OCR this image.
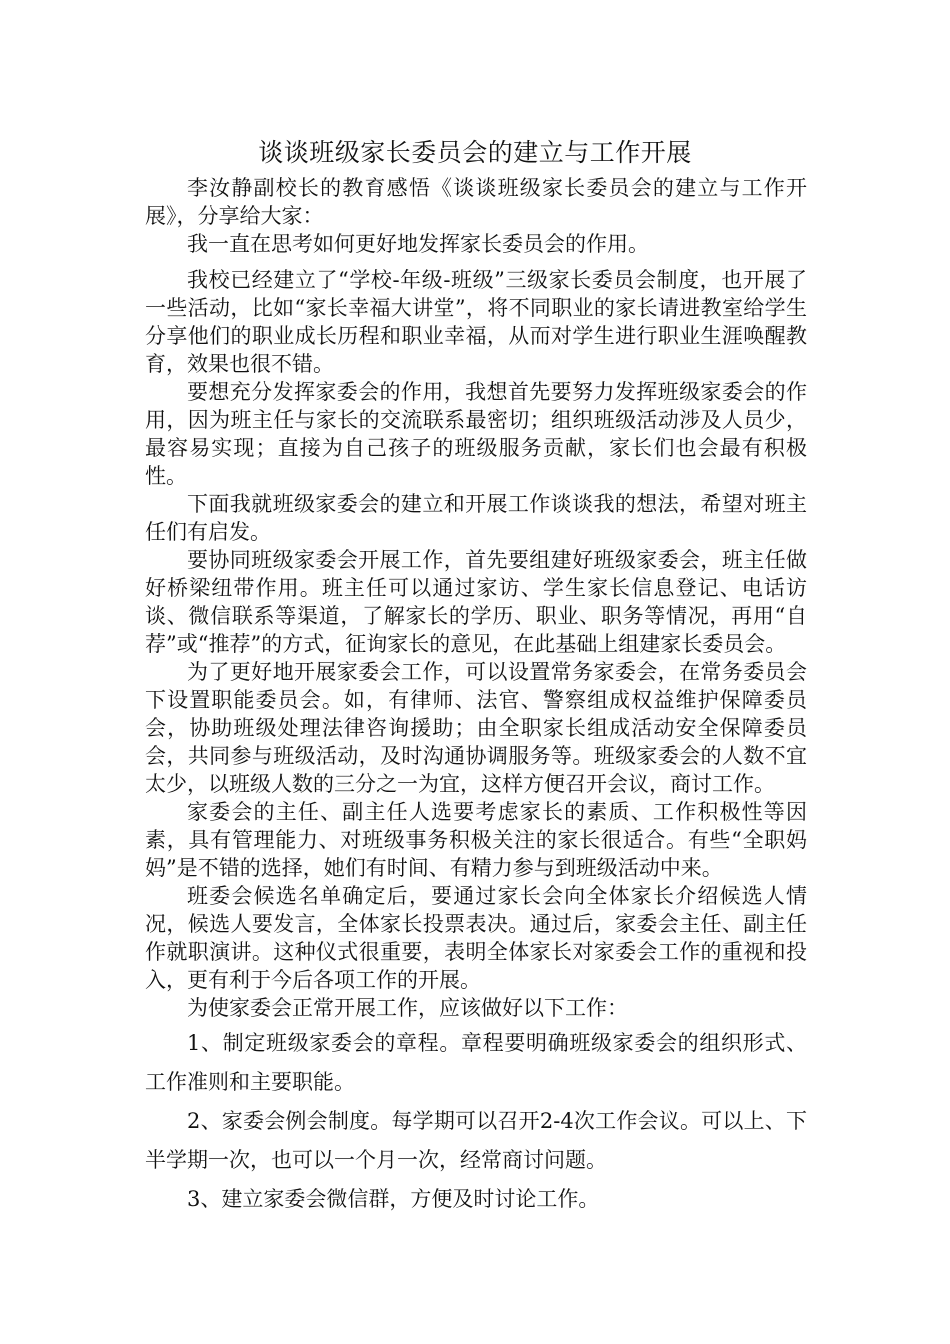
谈谈班级家长委员会的建立与工作开展

李汝静副校长的教育感悟《谈谈班级家长委员会的建立与工作开展》，分享给大家：

我一直在思考如何更好地发挥家长委员会的作用。

我校已经建立了“学校-年级-班级”三级家长委员会制度，也开展了一些活动，比如“家长幸福大讲堂”，将不同职业的家长请进教室给学生分享他们的职业成长历程和职业幸福，从而对学生进行职业生涯唤醒教育，效果也很不错。

要想充分发挥家委会的作用，我想首先要努力发挥班级家委会的作用，因为班主任与家长的交流联系最密切；组织班级活动涉及人员少，最容易实现；直接为自己孩子的班级服务贡献，家长们也会最有积极性。

下面我就班级家委会的建立和开展工作谈谈我的想法，希望对班主任们有启发。

要协同班级家委会开展工作，首先要组建好班级家委会，班主任做好桥梁纽带作用。班主任可以通过家访、学生家长信息登记、电话访谈、微信联系等渠道，了解家长的学历、职业、职务等情况，再用“自荐”或“推荐”的方式，征询家长的意见，在此基础上组建家长委员会。

为了更好地开展家委会工作，可以设置常务家委会，在常务委员会下设置职能委员会。如，有律师、法官、警察组成权益维护保障委员会，协助班级处理法律咨询援助；由全职家长组成活动安全保障委员会，共同参与班级活动，及时沟通协调服务等。班级家委会的人数不宜太少，以班级人数的三分之一为宜，这样方便召开会议，商讨工作。

家委会的主任、副主任人选要考虑家长的素质、工作积极性等因素，具有管理能力、对班级事务积极关注的家长很适合。有些“全职妈妈”是不错的选择，她们有时间、有精力参与到班级活动中来。

班委会候选名单确定后，要通过家长会向全体家长介绍候选人情况，候选人要发言，全体家长投票表决。通过后，家委会主任、副主任作就职演讲。这种仪式很重要，表明全体家长对家委会工作的重视和投入，更有利于今后各项工作的开展。

为使家委会正常开展工作，应该做好以下工作：

1、制定班级家委会的章程。章程要明确班级家委会的组织形式、工作准则和主要职能。

2、家委会例会制度。每学期可以召开2-4次工作会议。可以上、下半学期一次，也可以一个月一次，经常商讨问题。

3、建立家委会微信群，方便及时讨论工作。
